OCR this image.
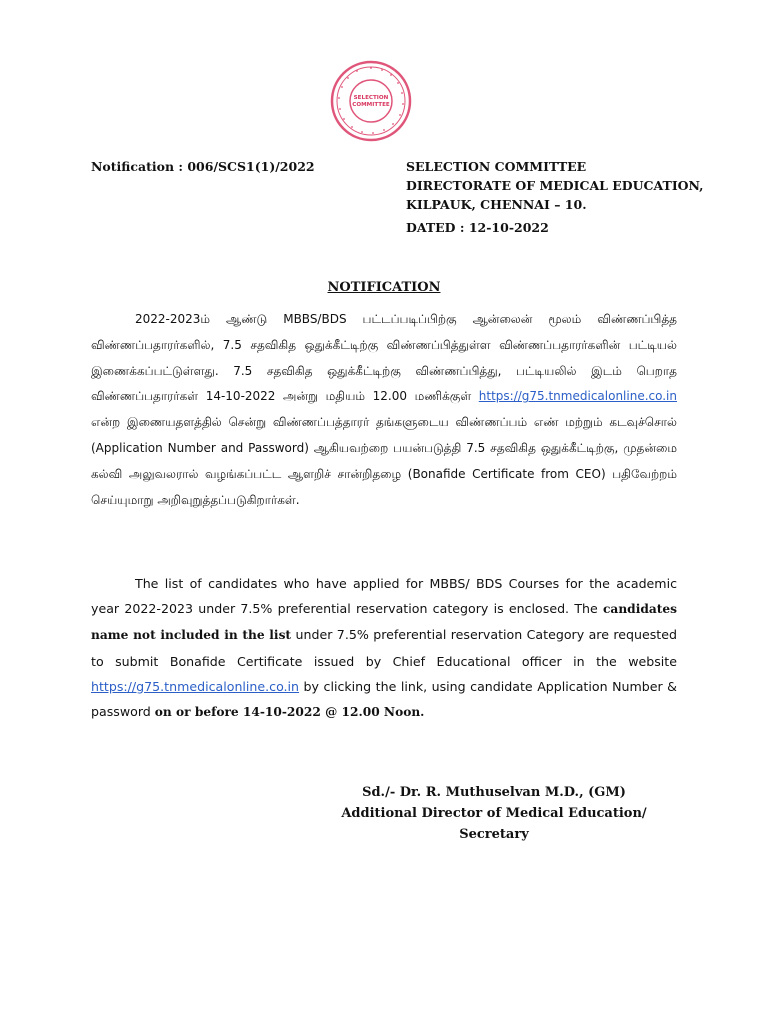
SELECTION
COMMITTEE
Notification : 006/SCS1(1)/2022	SELECTION COMMITTEE
DIRECTORATE OF MEDICAL EDUCATION,
KILPAUK, CHENNAI – 10.
DATED : 12-10-2022
NOTIFICATION
2022-2023ம் ஆண்டு MBBS/BDS பட்டப்படிப்பிற்கு ஆன்லைன் மூலம் விண்ணப்பித்த விண்ணப்பதாரர்களில், 7.5 சதவிகித ஒதுக்கீட்டிற்கு விண்ணப்பித்துள்ள விண்ணப்பதாரர்களின் பட்டியல் இணைக்கப்பட்டுள்ளது. 7.5 சதவிகித ஒதுக்கீட்டிற்கு விண்ணப்பித்து, பட்டியலில் இடம் பெறாத விண்ணப்பதாரர்கள் 14-10-2022 அன்று மதியம் 12.00 மணிக்குள் https://g75.tnmedicalonline.co.in என்ற இணையதளத்தில் சென்று விண்ணப்பத்தாரர் தங்களுடைய விண்ணப்பம் எண் மற்றும் கடவுச்சொல் (Application Number and Password) ஆகியவற்றை பயன்படுத்தி 7.5 சதவிகித ஒதுக்கீட்டிற்கு, முதன்மை கல்வி அலுவலரால் வழங்கப்பட்ட ஆளறிச் சான்றிதழை (Bonafide Certificate from CEO) பதிவேற்றம் செய்யுமாறு அறிவுறுத்தப்படுகிறார்கள்.
The list of candidates who have applied for MBBS/ BDS Courses for the academic year 2022-2023 under 7.5% preferential reservation category is enclosed. The candidates name not included in the list under 7.5% preferential reservation Category are requested to submit Bonafide Certificate issued by Chief Educational officer in the website https://g75.tnmedicalonline.co.in by clicking the link, using candidate Application Number & password on or before 14-10-2022 @ 12.00 Noon.
Sd./- Dr. R. Muthuselvan M.D., (GM)
Additional Director of Medical Education/
Secretary
